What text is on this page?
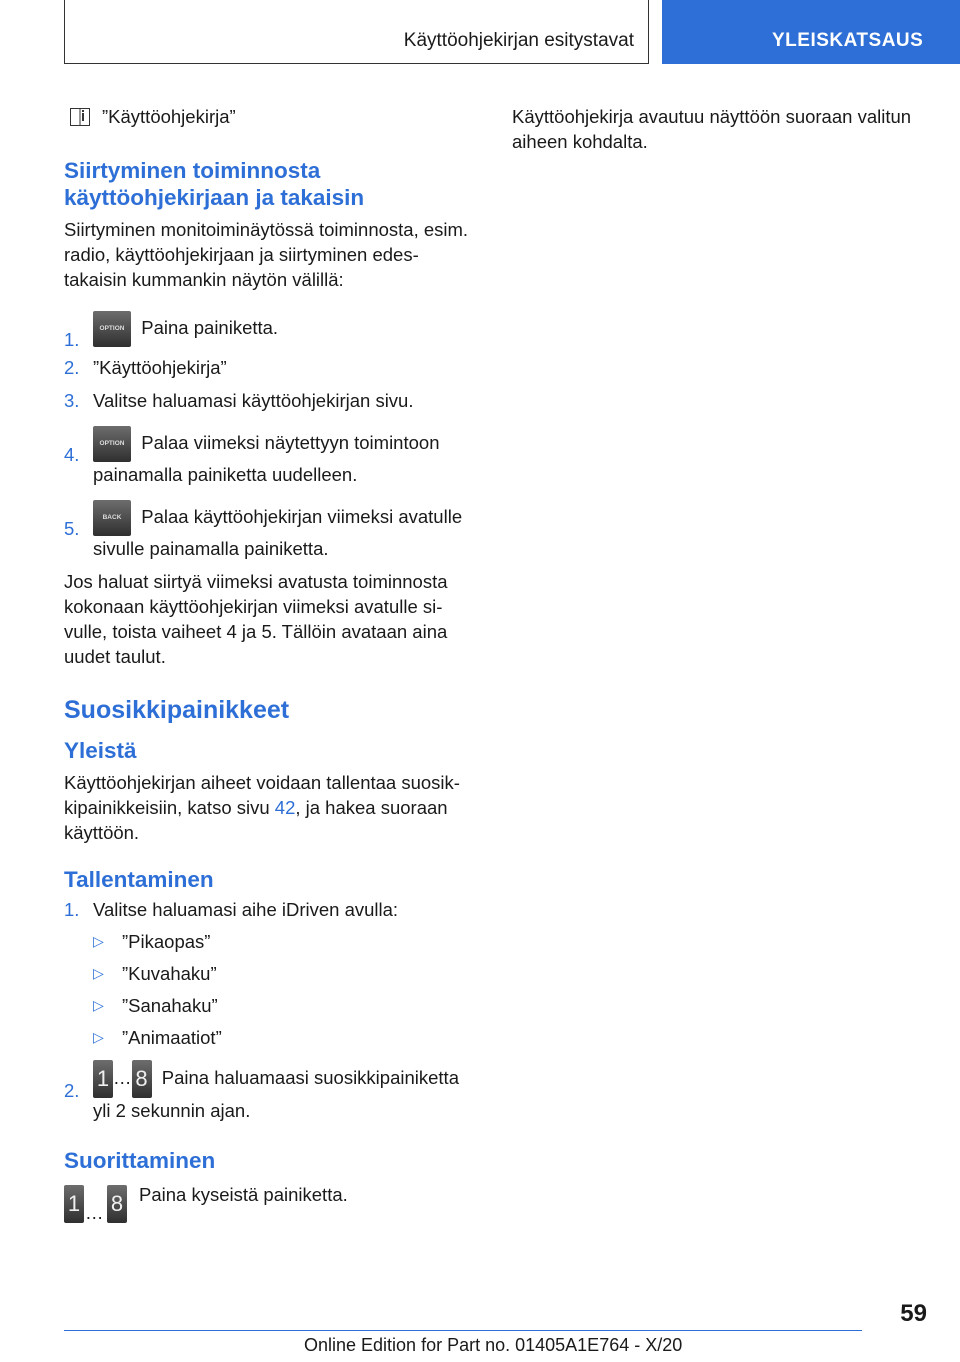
Käyttöohjekirjan esitystavat	YLEISKATSAUS

”Käyttöohjekirja”

Siirtyminen toiminnosta käyttöohjekirjaan ja takaisin

Siirtyminen monitoiminäytössä toiminnosta, esim. radio, käyttöohjekirjaan ja siirtyminen edes-takaisin kummankin näytön välillä:

1.
OPTION Paina painiketta.
2. ”Käyttöohjekirja”
3. Valitse haluamasi käyttöohjekirjan sivu.
4.
OPTION Palaa viimeksi näytettyyn toimintoon painamalla painiketta uudelleen.
5.
BACK Palaa käyttöohjekirjan viimeksi avatulle sivulle painamalla painiketta.

Jos haluat siirtyä viimeksi avatusta toiminnosta kokonaan käyttöohjekirjan viimeksi avatulle si-vulle, toista vaiheet 4 ja 5. Tällöin avataan aina uudet taulut.

Suosikkipainikkeet

Yleistä

Käyttöohjekirjan aiheet voidaan tallentaa suosik-kipainikkeisiin, katso sivu 42, ja hakea suoraan käyttöön.

Tallentaminen

1. Valitse haluamasi aihe iDriven avulla:
▷ ”Pikaopas”
▷ ”Kuvahaku”
▷ ”Sanahaku”
▷ ”Animaatiot”
2. 1 … 8 Paina haluamaasi suosikkipainiketta yli 2 sekunnin ajan.

Suorittaminen

1 … 8 Paina kyseistä painiketta.

Käyttöohjekirja avautuu näyttöön suoraan valitun aiheen kohdalta.

59
Online Edition for Part no. 01405A1E764 - X/20
